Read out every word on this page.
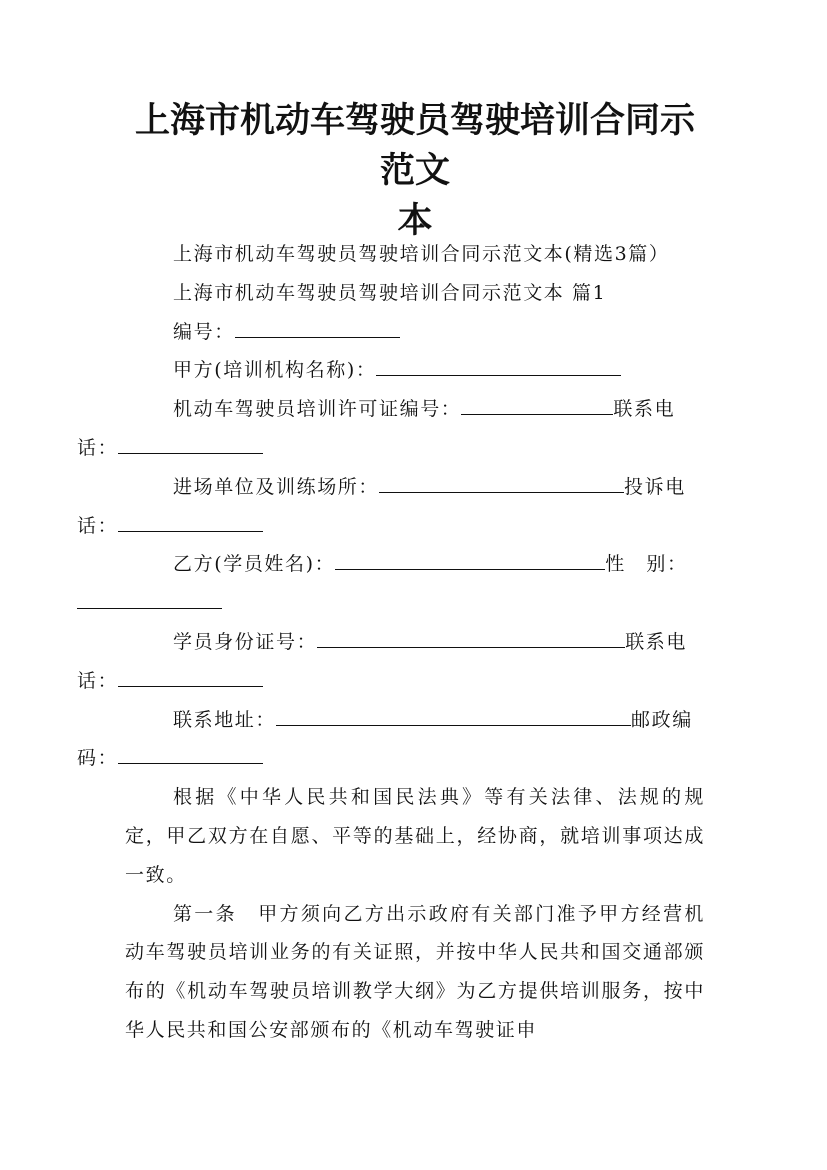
上海市机动车驾驶员驾驶培训合同示范文
本

上海市机动车驾驶员驾驶培训合同示范文本(精选3篇）

上海市机动车驾驶员驾驶培训合同示范文本 篇1

编号：

甲方(培训机构名称)：

机动车驾驶员培训许可证编号：	联系电
话：

进场单位及训练场所：	投诉电
话：

乙方(学员姓名)：	性　别：

学员身份证号：	联系电
话：

联系地址：	邮政编
码：

根据《中华人民共和国民法典》等有关法律、法规的规定，甲乙双方在自愿、平等的基础上，经协商，就培训事项达成一致。

第一条　甲方须向乙方出示政府有关部门准予甲方经营机动车驾驶员培训业务的有关证照，并按中华人民共和国交通部颁布的《机动车驾驶员培训教学大纲》为乙方提供培训服务，按中华人民共和国公安部颁布的《机动车驾驶证申
